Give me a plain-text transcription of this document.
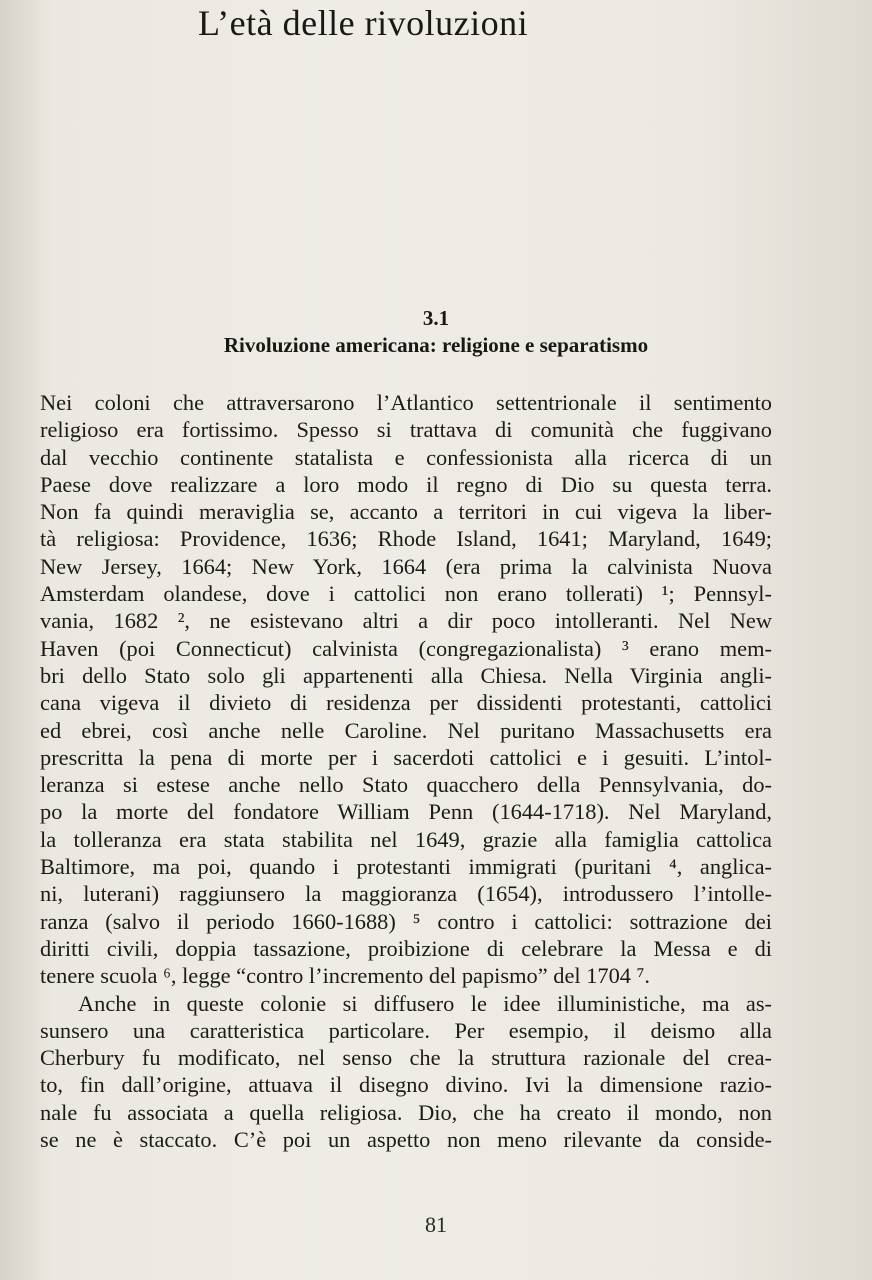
L’età delle rivoluzioni
3.1
Rivoluzione americana: religione e separatismo
Nei coloni che attraversarono l’Atlantico settentrionale il sentimento
religioso era fortissimo. Spesso si trattava di comunità che fuggivano
dal vecchio continente statalista e confessionista alla ricerca di un
Paese dove realizzare a loro modo il regno di Dio su questa terra.
Non fa quindi meraviglia se, accanto a territori in cui vigeva la liber-
tà religiosa: Providence, 1636; Rhode Island, 1641; Maryland, 1649;
New Jersey, 1664; New York, 1664 (era prima la calvinista Nuova
Amsterdam olandese, dove i cattolici non erano tollerati) ¹; Pennsyl-
vania, 1682 ², ne esistevano altri a dir poco intolleranti. Nel New
Haven (poi Connecticut) calvinista (congregazionalista) ³ erano mem-
bri dello Stato solo gli appartenenti alla Chiesa. Nella Virginia angli-
cana vigeva il divieto di residenza per dissidenti protestanti, cattolici
ed ebrei, così anche nelle Caroline. Nel puritano Massachusetts era
prescritta la pena di morte per i sacerdoti cattolici e i gesuiti. L’intol-
leranza si estese anche nello Stato quacchero della Pennsylvania, do-
po la morte del fondatore William Penn (1644-1718). Nel Maryland,
la tolleranza era stata stabilita nel 1649, grazie alla famiglia cattolica
Baltimore, ma poi, quando i protestanti immigrati (puritani ⁴, anglica-
ni, luterani) raggiunsero la maggioranza (1654), introdussero l’intolle-
ranza (salvo il periodo 1660-1688) ⁵ contro i cattolici: sottrazione dei
diritti civili, doppia tassazione, proibizione di celebrare la Messa e di
tenere scuola ⁶, legge “contro l’incremento del papismo” del 1704 ⁷.
Anche in queste colonie si diffusero le idee illuministiche, ma as-
sunsero una caratteristica particolare. Per esempio, il deismo alla
Cherbury fu modificato, nel senso che la struttura razionale del crea-
to, fin dall’origine, attuava il disegno divino. Ivi la dimensione razio-
nale fu associata a quella religiosa. Dio, che ha creato il mondo, non
se ne è staccato. C’è poi un aspetto non meno rilevante da conside-
81
